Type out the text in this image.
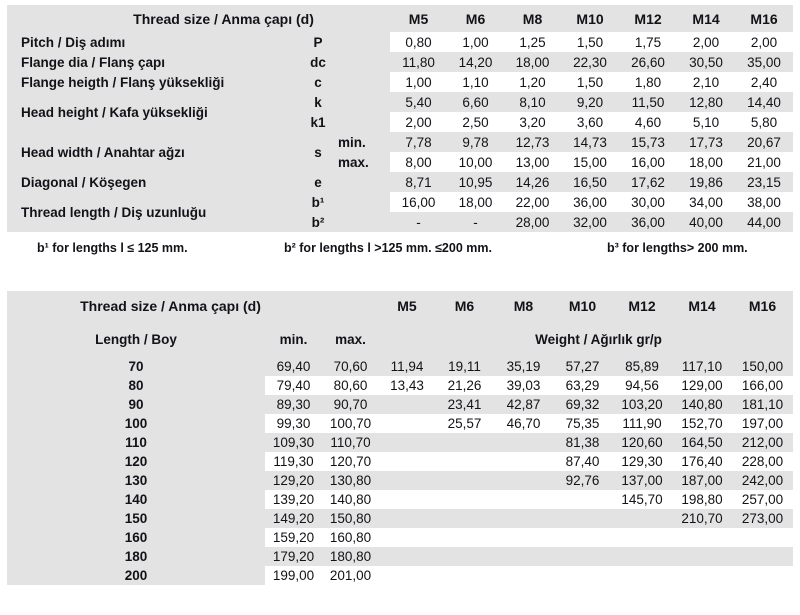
Thread size / Anma çapı (d)			M5	M6	M8	M10	M12	M14	M16
Pitch / Diş adımı	P		0,80	1,00	1,25	1,50	1,75	2,00	2,00
Flange dia / Flanş çapı	dc		11,80	14,20	18,00	22,30	26,60	30,50	35,00
Flange heigth / Flanş yüksekliği	c		1,00	1,10	1,20	1,50	1,80	2,10	2,40
Head height / Kafa yüksekliği	k		5,40	6,60	8,10	9,20	11,50	12,80	14,40
	k1		2,00	2,50	3,20	3,60	4,60	5,10	5,80
Head width / Anahtar ağzı	s	min.	7,78	9,78	12,73	14,73	15,73	17,73	20,67
		max.	8,00	10,00	13,00	15,00	16,00	18,00	21,00
Diagonal / Köşegen	e		8,71	10,95	14,26	16,50	17,62	19,86	23,15
Thread length / Diş uzunluğu	b¹		16,00	18,00	22,00	36,00	30,00	34,00	38,00
	b²		-	-	28,00	32,00	36,00	40,00	44,00
b¹ for lengths l ≤ 125 mm.	b² for lengths l >125 mm. ≤200 mm.	b³ for lengths> 200 mm.
Thread size / Anma çapı (d)			M5	M6	M8	M10	M12	M14	M16
Length / Boy	min.	max.	Weight / Ağırlık gr/p						
70	69,40	70,60	11,94	19,11	35,19	57,27	85,89	117,10	150,00
80	79,40	80,60	13,43	21,26	39,03	63,29	94,56	129,00	166,00
90	89,30	90,70		23,41	42,87	69,32	103,20	140,80	181,10
100	99,30	100,70		25,57	46,70	75,35	111,90	152,70	197,00
110	109,30	110,70				81,38	120,60	164,50	212,00
120	119,30	120,70				87,40	129,30	176,40	228,00
130	129,20	130,80				92,76	137,00	187,00	242,00
140	139,20	140,80					145,70	198,80	257,00
150	149,20	150,80						210,70	273,00
160	159,20	160,80							
180	179,20	180,80							
200	199,00	201,00							
